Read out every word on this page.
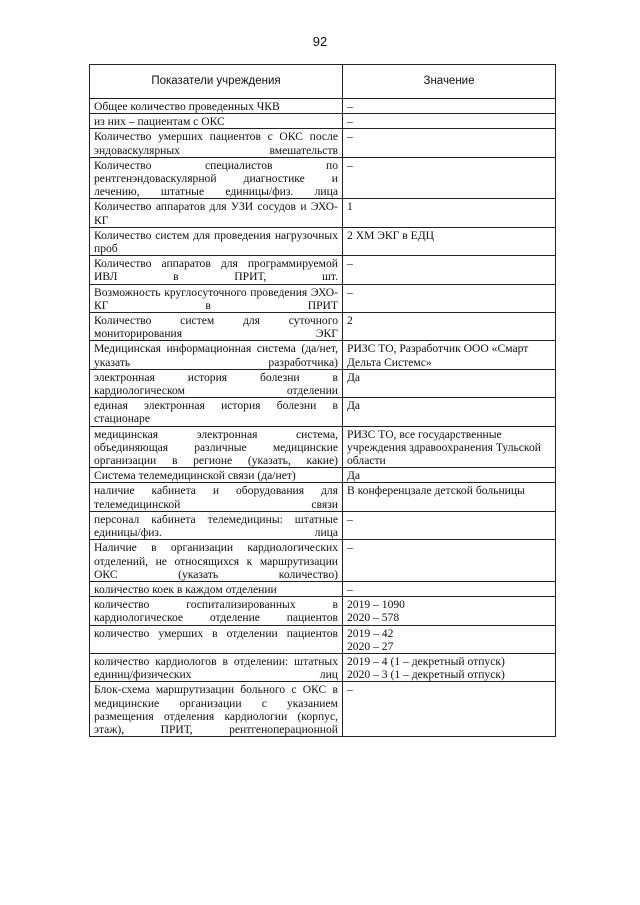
92
Показатели учреждения	Значение
Общее количество проведенных ЧКВ	–

из них – пациентам с ОКС	–

Количество умерших пациентов с ОКС после эндоваскулярных вмешательств	–

Количество специалистов по рентгенэндоваскулярной диагностике и лечению, штатные единицы/физ. лица	–

Количество аппаратов для УЗИ сосудов и ЭХО-КГ	1

Количество систем для проведения нагрузочных проб	2 ХМ ЭКГ в ЕДЦ

Количество аппаратов для программируемой ИВЛ в ПРИТ, шт.	–

Возможность круглосуточного проведения ЭХО-КГ в ПРИТ	–

Количество систем для суточного мониторирования ЭКГ	2

Медицинская информационная система (да/нет, указать разработчика)	РИЗС ТО, Разработчик ООО «Смарт Дельта Системс»

электронная история болезни в кардиологическом отделении	Да

единая электронная история болезни в стационаре	Да

медицинская электронная система, объединяющая различные медицинские организации в регионе (указать, какие)	РИЗС ТО, все государственные учреждения здравоохранения Тульской области

Система телемедицинской связи (да/нет)	Да

наличие кабинета и оборудования для телемедицинской связи	В конференцзале детской больницы

персонал кабинета телемедицины: штатные единицы/физ. лица	–

Наличие в организации кардиологических отделений, не относящихся к маршрутизации ОКС (указать количество)	–

количество коек в каждом отделении	–

количество госпитализированных в кардиологическое отделение пациентов	2019 – 1090
2020 – 578

количество умерших в отделении пациентов	2019 – 42
2020 – 27

количество кардиологов в отделении: штатных единиц/физических лиц	2019 – 4 (1 – декретный отпуск)
2020 – 3 (1 – декретный отпуск)

Блок-схема маршрутизации больного с ОКС в медицинские организации с указанием размещения отделения кардиологии (корпус, этаж), ПРИТ, рентгеноперационной	–
